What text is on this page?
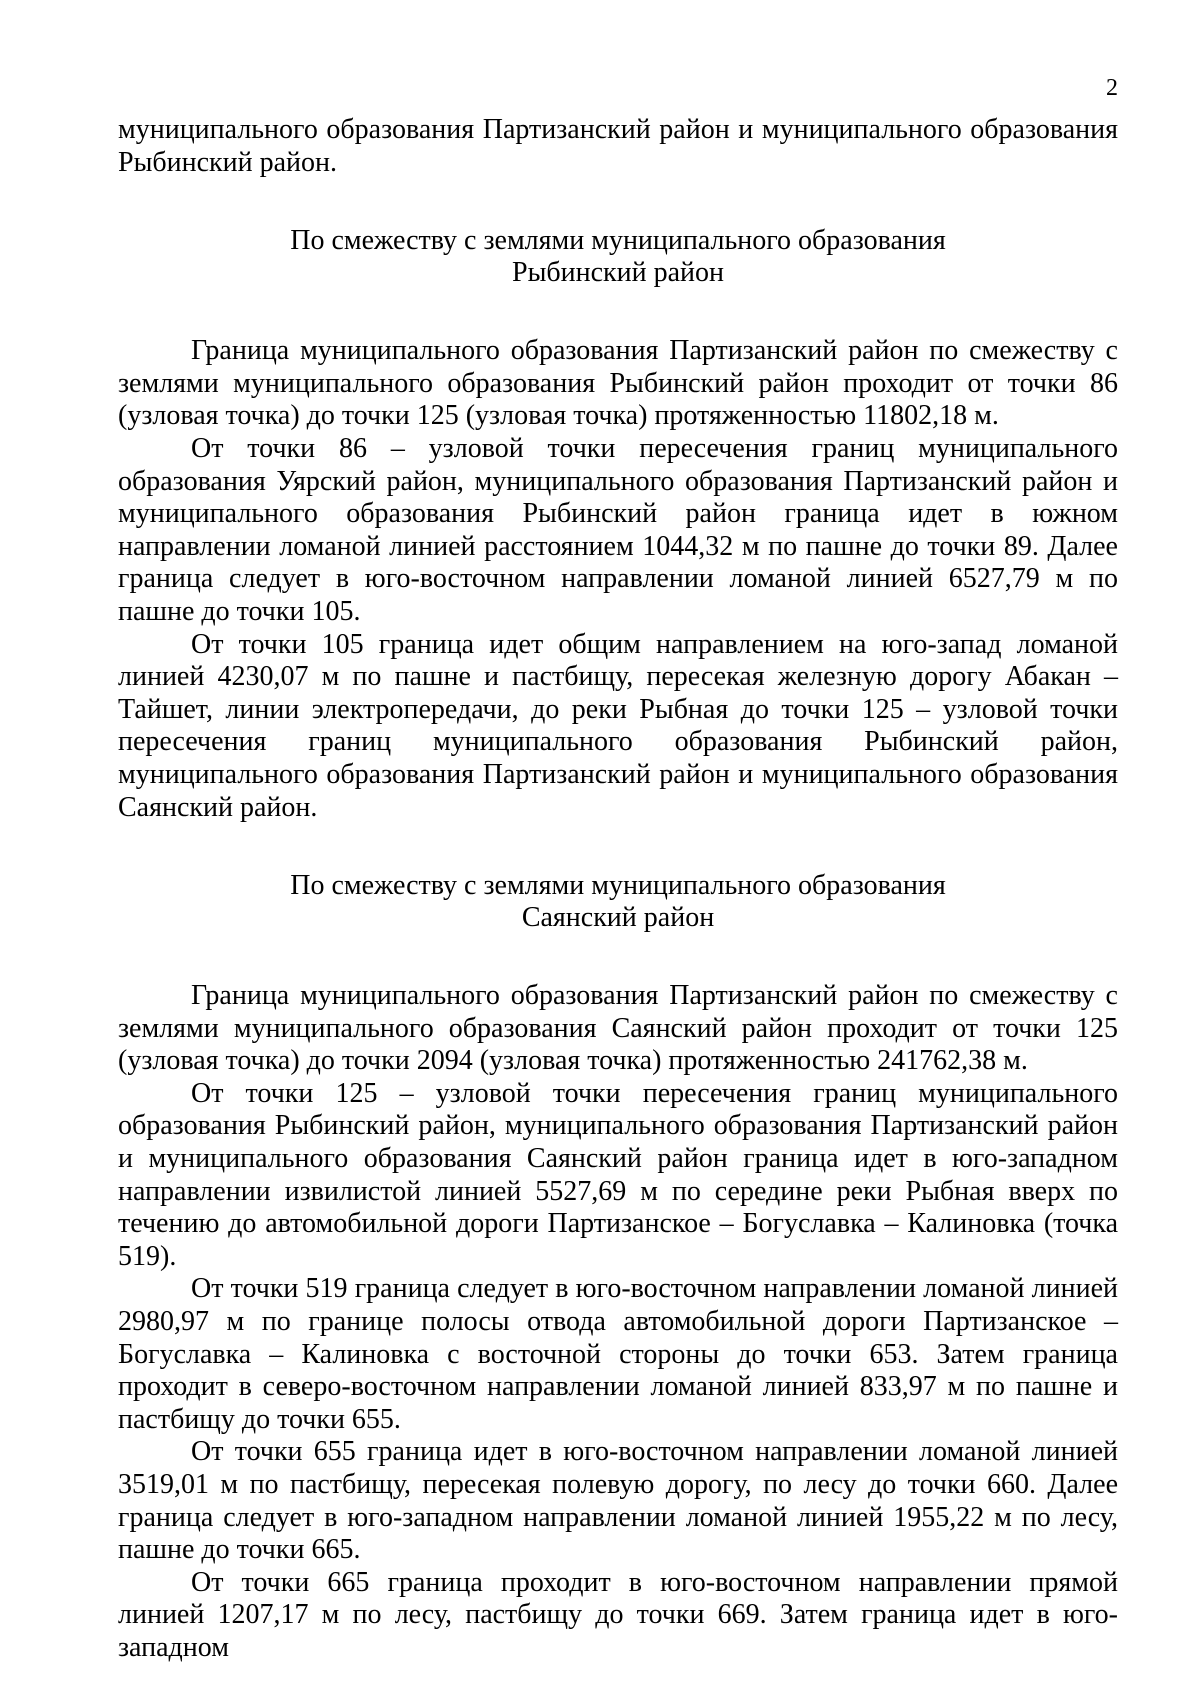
2

муниципального образования Партизанский район и муниципального образования Рыбинский район.

По смежеству с землями муниципального образования
Рыбинский район

Граница муниципального образования Партизанский район по смежеству с землями муниципального образования Рыбинский район проходит от точки 86 (узловая точка) до точки 125 (узловая точка) протяженностью 11802,18 м.

От точки 86 – узловой точки пересечения границ муниципального образования Уярский район, муниципального образования Партизанский район и муниципального образования Рыбинский район граница идет в южном направлении ломаной линией расстоянием 1044,32 м по пашне до точки 89. Далее граница следует в юго-восточном направлении ломаной линией 6527,79 м по пашне до точки 105.

От точки 105 граница идет общим направлением на юго-запад ломаной линией 4230,07 м по пашне и пастбищу, пересекая железную дорогу Абакан – Тайшет, линии электропередачи, до реки Рыбная до точки 125 – узловой точки пересечения границ муниципального образования Рыбинский район, муниципального образования Партизанский район и муниципального образования Саянский район.

По смежеству с землями муниципального образования
Саянский район

Граница муниципального образования Партизанский район по смежеству с землями муниципального образования Саянский район проходит от точки 125 (узловая точка) до точки 2094 (узловая точка) протяженностью 241762,38 м.

От точки 125 – узловой точки пересечения границ муниципального образования Рыбинский район, муниципального образования Партизанский район и муниципального образования Саянский район граница идет в юго-западном направлении извилистой линией 5527,69 м по середине реки Рыбная вверх по течению до автомобильной дороги Партизанское – Богуславка – Калиновка (точка 519).

От точки 519 граница следует в юго-восточном направлении ломаной линией 2980,97 м по границе полосы отвода автомобильной дороги Партизанское – Богуславка – Калиновка с восточной стороны до точки 653. Затем граница проходит в северо-восточном направлении ломаной линией 833,97 м по пашне и пастбищу до точки 655.

От точки 655 граница идет в юго-восточном направлении ломаной линией 3519,01 м по пастбищу, пересекая полевую дорогу, по лесу до точки 660. Далее граница следует в юго-западном направлении ломаной линией 1955,22 м по лесу, пашне до точки 665.

От точки 665 граница проходит в юго-восточном направлении прямой линией 1207,17 м по лесу, пастбищу до точки 669. Затем граница идет в юго-западном
